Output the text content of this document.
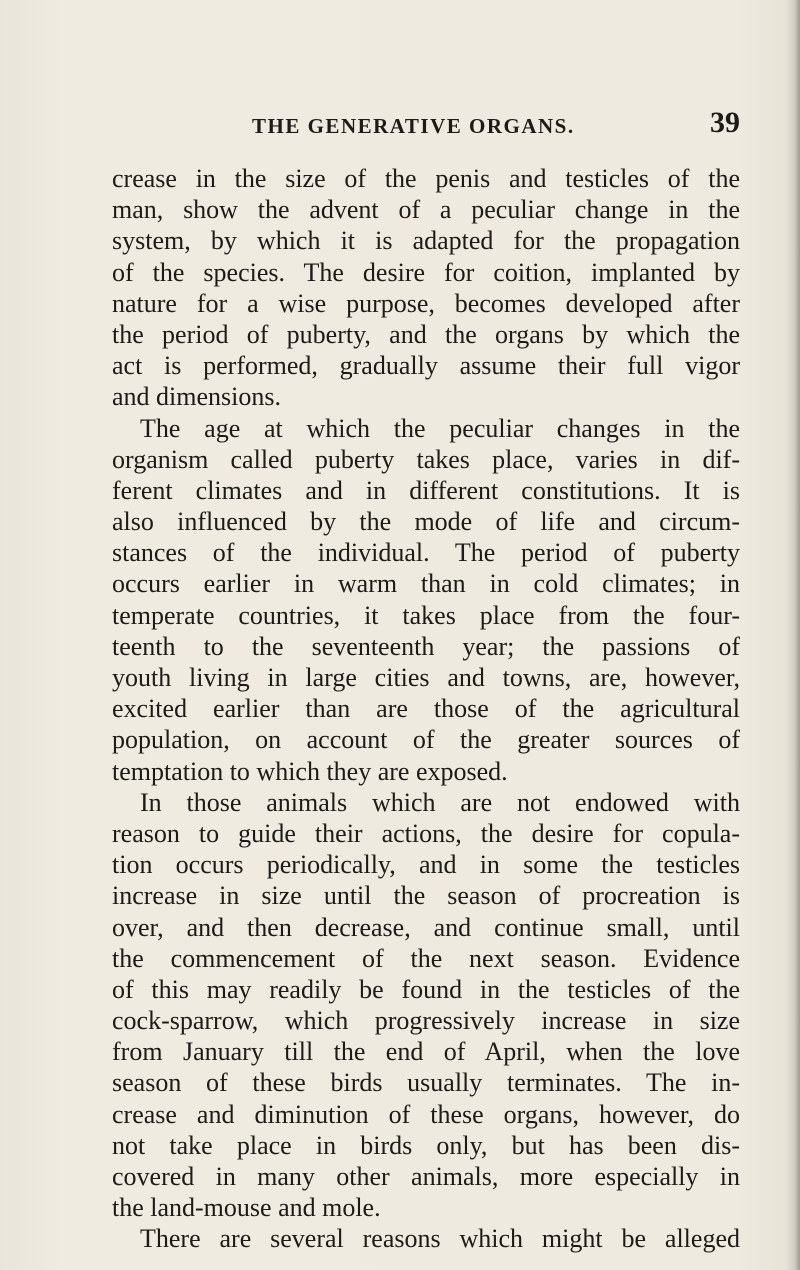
THE GENERATIVE ORGANS.	39
crease in the size of the penis and testicles of the
man, show the advent of a peculiar change in the
system, by which it is adapted for the propagation
of the species. The desire for coition, implanted by
nature for a wise purpose, becomes developed after
the period of puberty, and the organs by which the
act is performed, gradually assume their full vigor
and dimensions.
The age at which the peculiar changes in the
organism called puberty takes place, varies in dif-
ferent climates and in different constitutions. It is
also influenced by the mode of life and circum-
stances of the individual. The period of puberty
occurs earlier in warm than in cold climates; in
temperate countries, it takes place from the four-
teenth to the seventeenth year; the passions of
youth living in large cities and towns, are, however,
excited earlier than are those of the agricultural
population, on account of the greater sources of
temptation to which they are exposed.
In those animals which are not endowed with
reason to guide their actions, the desire for copula-
tion occurs periodically, and in some the testicles
increase in size until the season of procreation is
over, and then decrease, and continue small, until
the commencement of the next season. Evidence
of this may readily be found in the testicles of the
cock-sparrow, which progressively increase in size
from January till the end of April, when the love
season of these birds usually terminates. The in-
crease and diminution of these organs, however, do
not take place in birds only, but has been dis-
covered in many other animals, more especially in
the land-mouse and mole.
There are several reasons which might be alleged
